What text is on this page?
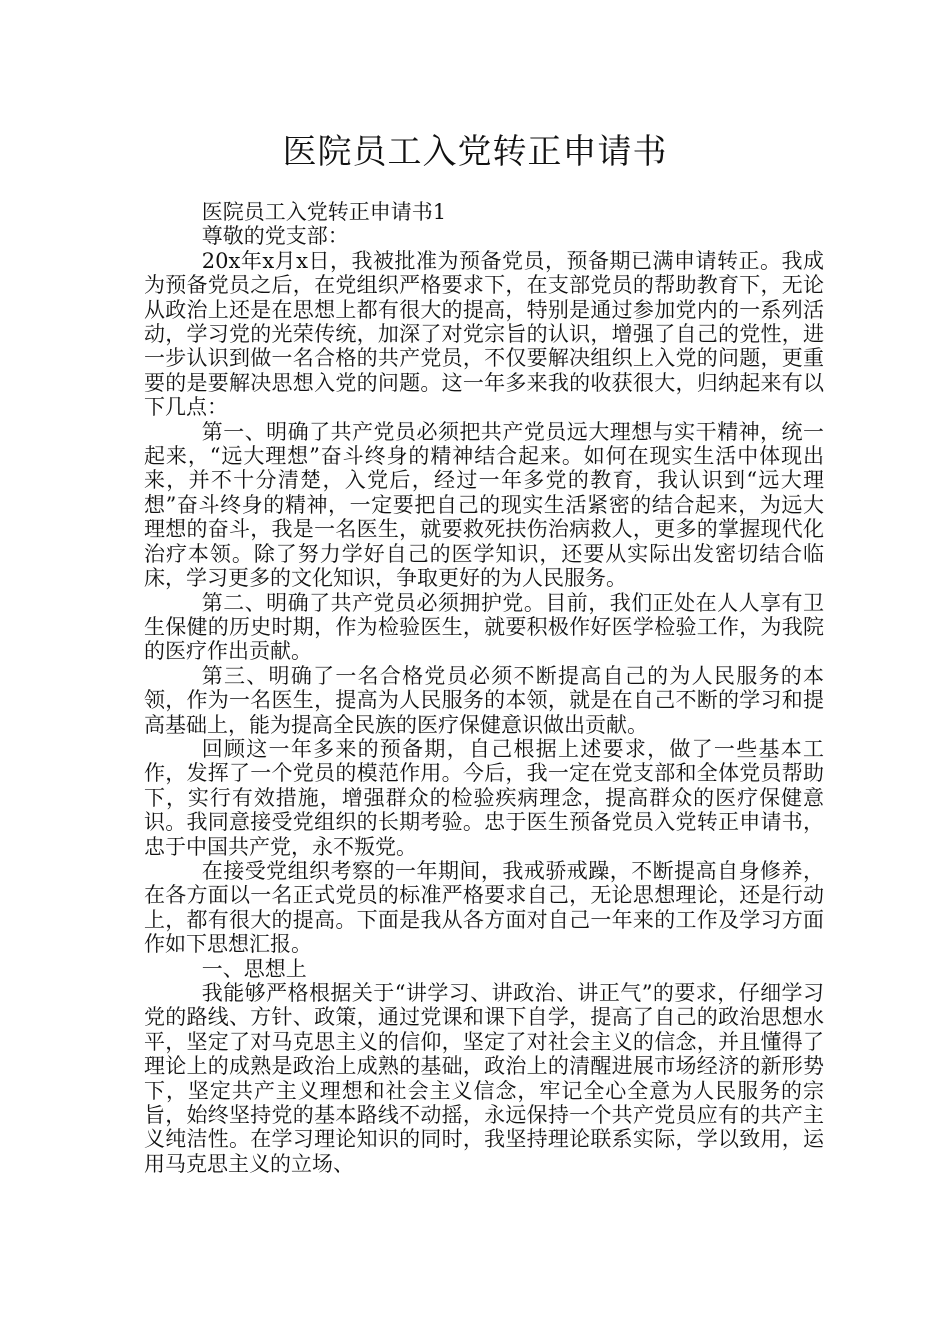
医院员工入党转正申请书

医院员工入党转正申请书1

尊敬的党支部：

20x年x月x日，我被批准为预备党员，预备期已满申请转正。我成为预备党员之后，在党组织严格要求下，在支部党员的帮助教育下，无论从政治上还是在思想上都有很大的提高，特别是通过参加党内的一系列活动，学习党的光荣传统，加深了对党宗旨的认识，增强了自己的党性，进一步认识到做一名合格的共产党员，不仅要解决组织上入党的问题，更重要的是要解决思想入党的问题。这一年多来我的收获很大，归纳起来有以下几点：

第一、明确了共产党员必须把共产党员远大理想与实干精神，统一起来，“远大理想”奋斗终身的精神结合起来。如何在现实生活中体现出来，并不十分清楚，入党后，经过一年多党的教育，我认识到“远大理想”奋斗终身的精神，一定要把自己的现实生活紧密的结合起来，为远大理想的奋斗，我是一名医生，就要救死扶伤治病救人，更多的掌握现代化治疗本领。除了努力学好自己的医学知识，还要从实际出发密切结合临床，学习更多的文化知识，争取更好的为人民服务。

第二、明确了共产党员必须拥护党。目前，我们正处在人人享有卫生保健的历史时期，作为检验医生，就要积极作好医学检验工作，为我院的医疗作出贡献。

第三、明确了一名合格党员必须不断提高自己的为人民服务的本领，作为一名医生，提高为人民服务的本领，就是在自己不断的学习和提高基础上，能为提高全民族的医疗保健意识做出贡献。

回顾这一年多来的预备期，自己根据上述要求，做了一些基本工作，发挥了一个党员的模范作用。今后，我一定在党支部和全体党员帮助下，实行有效措施，增强群众的检验疾病理念，提高群众的医疗保健意识。我同意接受党组织的长期考验。忠于医生预备党员入党转正申请书，忠于中国共产党，永不叛党。

在接受党组织考察的一年期间，我戒骄戒躁，不断提高自身修养，在各方面以一名正式党员的标准严格要求自己，无论思想理论，还是行动上，都有很大的提高。下面是我从各方面对自己一年来的工作及学习方面作如下思想汇报。

一、思想上

我能够严格根据关于“讲学习、讲政治、讲正气”的要求，仔细学习党的路线、方针、政策，通过党课和课下自学，提高了自己的政治思想水平，坚定了对马克思主义的信仰，坚定了对社会主义的信念，并且懂得了理论上的成熟是政治上成熟的基础，政治上的清醒进展市场经济的新形势下，坚定共产主义理想和社会主义信念，牢记全心全意为人民服务的宗旨，始终坚持党的基本路线不动摇，永远保持一个共产党员应有的共产主义纯洁性。在学习理论知识的同时，我坚持理论联系实际，学以致用，运用马克思主义的立场、
